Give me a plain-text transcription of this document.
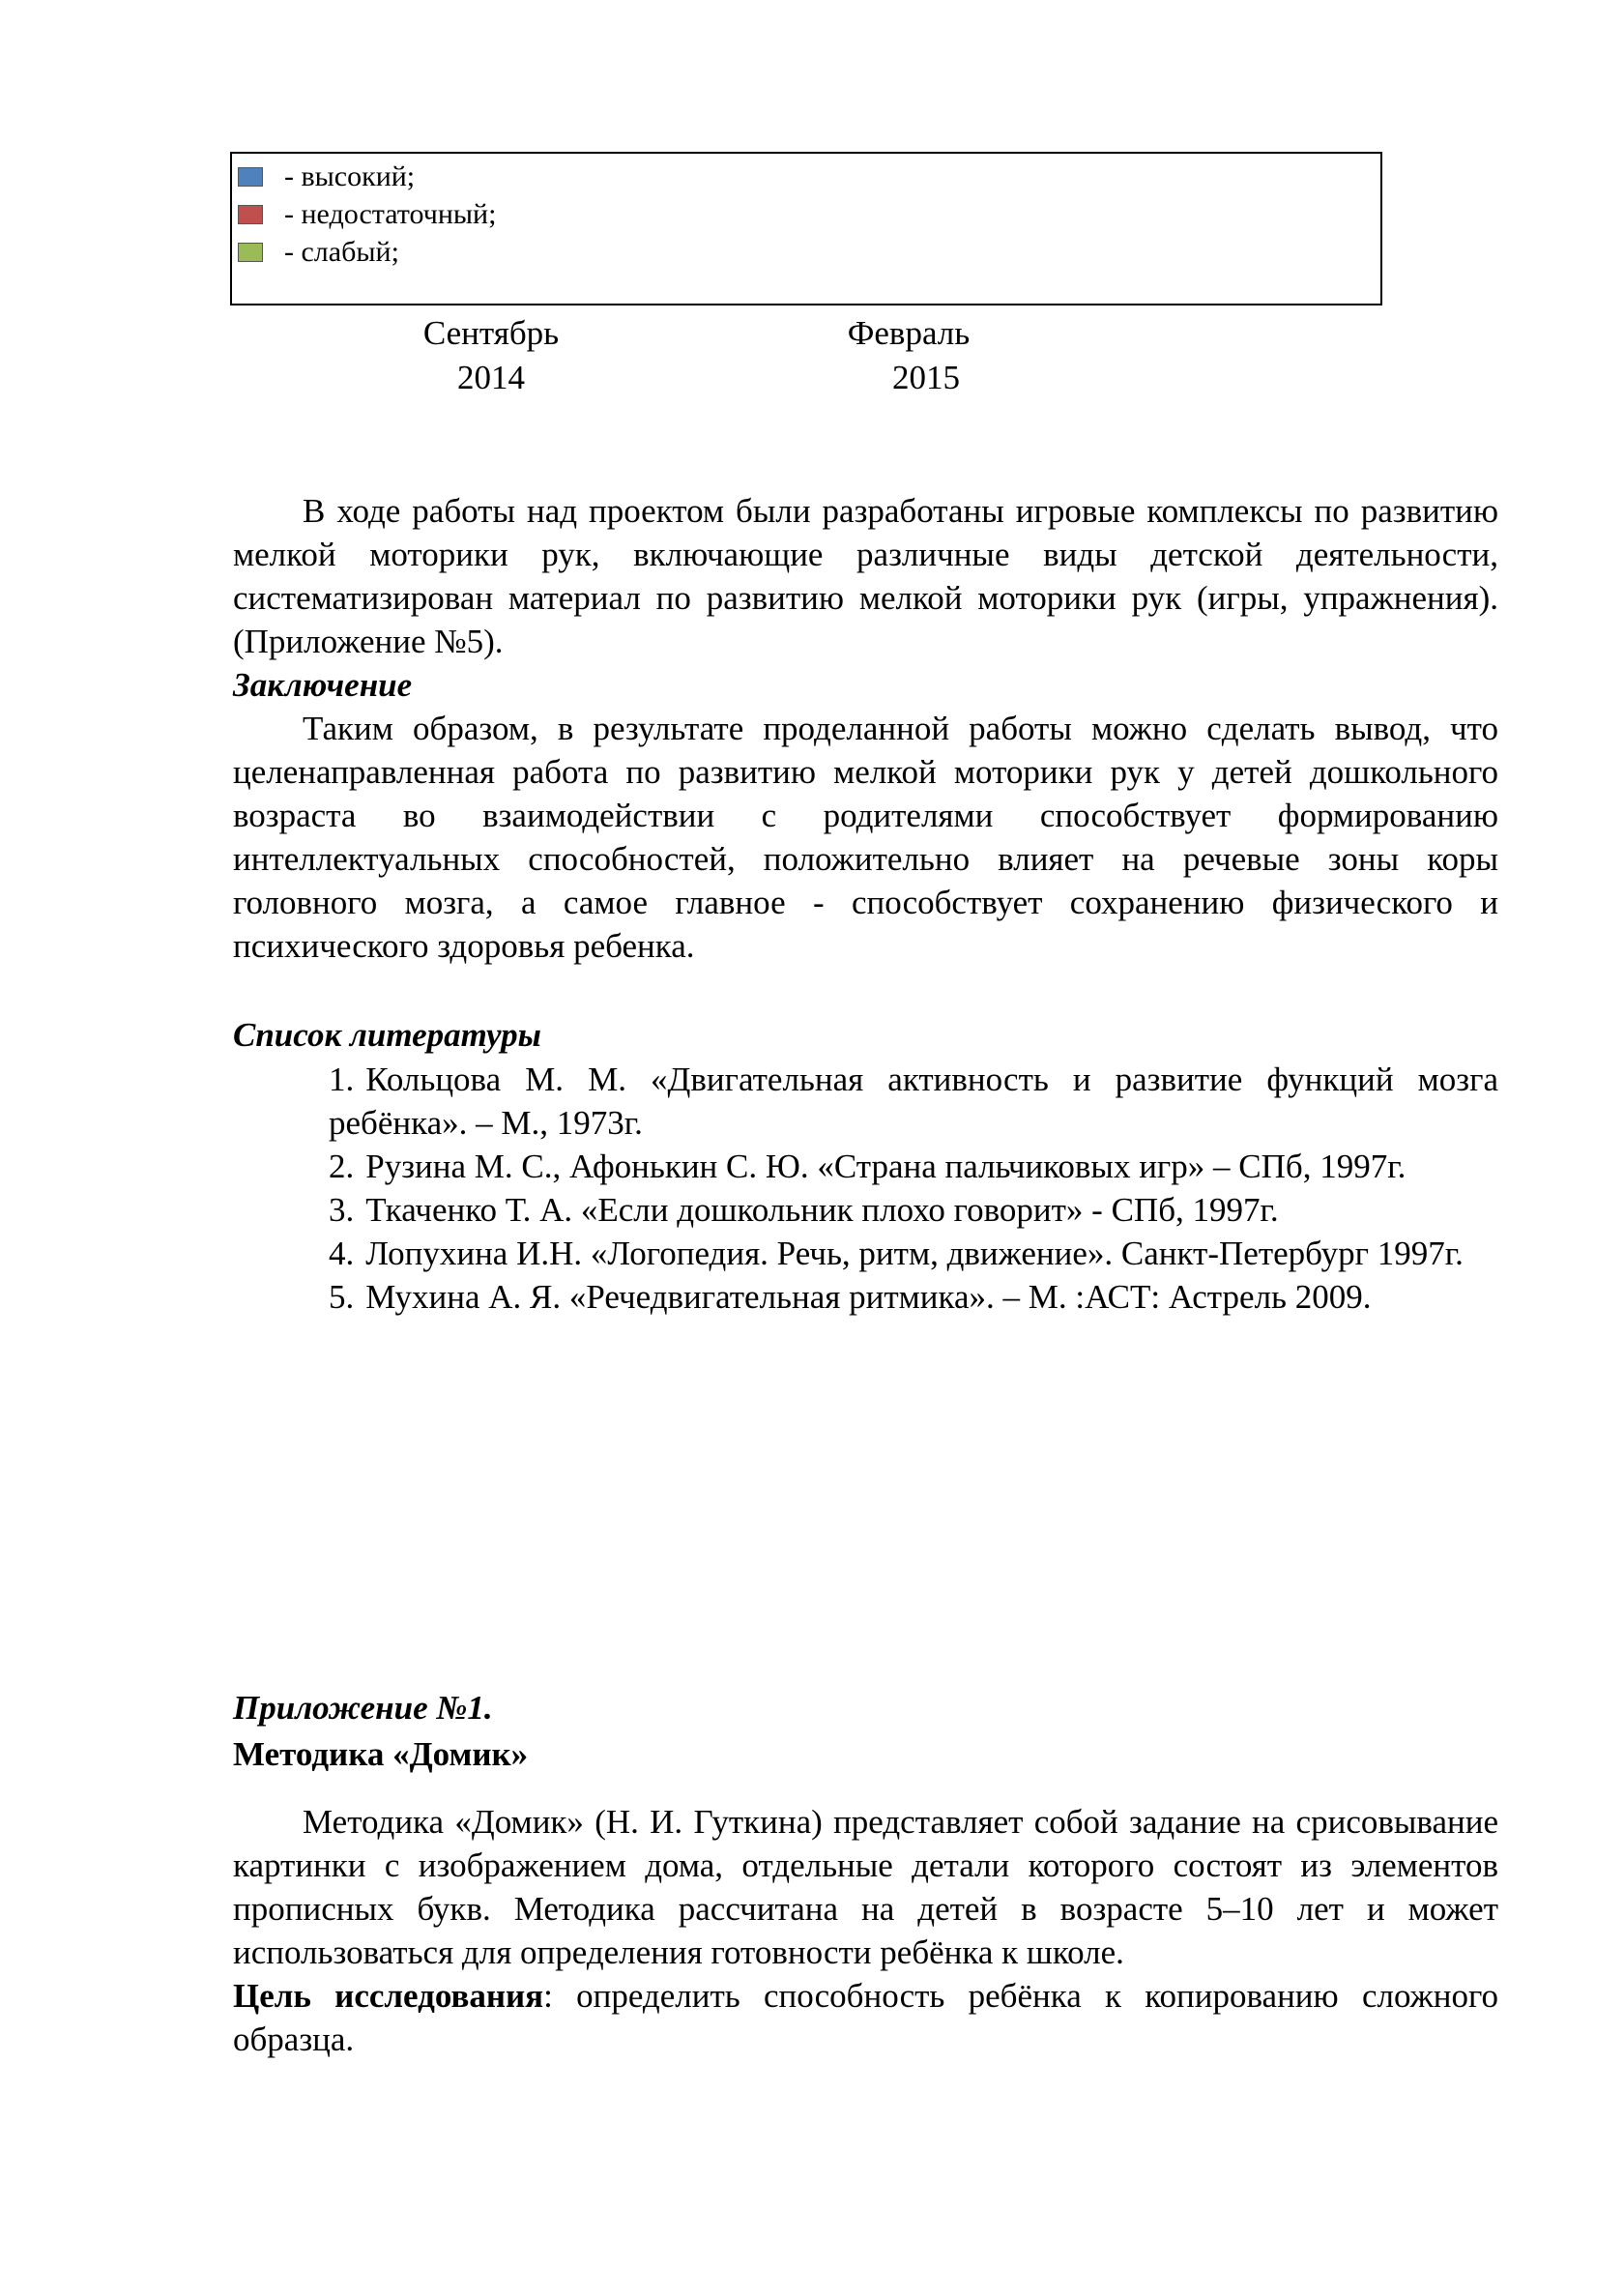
- высокий;
- недостаточный;
- слабый;
Сентябрь
2014
Февраль
2015

В ходе работы над проектом были разработаны игровые комплексы по развитию мелкой моторики рук, включающие различные виды детской деятельности, систематизирован материал по развитию мелкой моторики рук (игры, упражнения). (Приложение №5).

Заключение

Таким образом, в результате проделанной работы можно сделать вывод, что целенаправленная работа по развитию мелкой моторики рук у детей дошкольного возраста во взаимодействии с родителями способствует формированию интеллектуальных способностей, положительно влияет на речевые зоны коры головного мозга, а самое главное - способствует сохранению физического и психического здоровья ребенка.

Список литературы

1. Кольцова М. М. «Двигательная активность и развитие функций мозга ребёнка». – М., 1973г.

2. Рузина М. С., Афонькин С. Ю. «Страна пальчиковых игр» – СПб, 1997г.

3. Ткаченко Т. А. «Если дошкольник плохо говорит» - СПб, 1997г.

4. Лопухина И.Н. «Логопедия. Речь, ритм, движение». Санкт-Петербург 1997г.

5. Мухина А. Я. «Речедвигательная ритмика». – М. :АСТ: Астрель 2009.

Приложение №1.
Методика «Домик»

Методика «Домик» (Н. И. Гуткина) представляет собой задание на срисовывание картинки с изображением дома, отдельные детали которого состоят из элементов прописных букв. Методика рассчитана на детей в возрасте 5–10 лет и может использоваться для определения готовности ребёнка к школе.

Цель исследования: определить способность ребёнка к копированию сложного образца.
